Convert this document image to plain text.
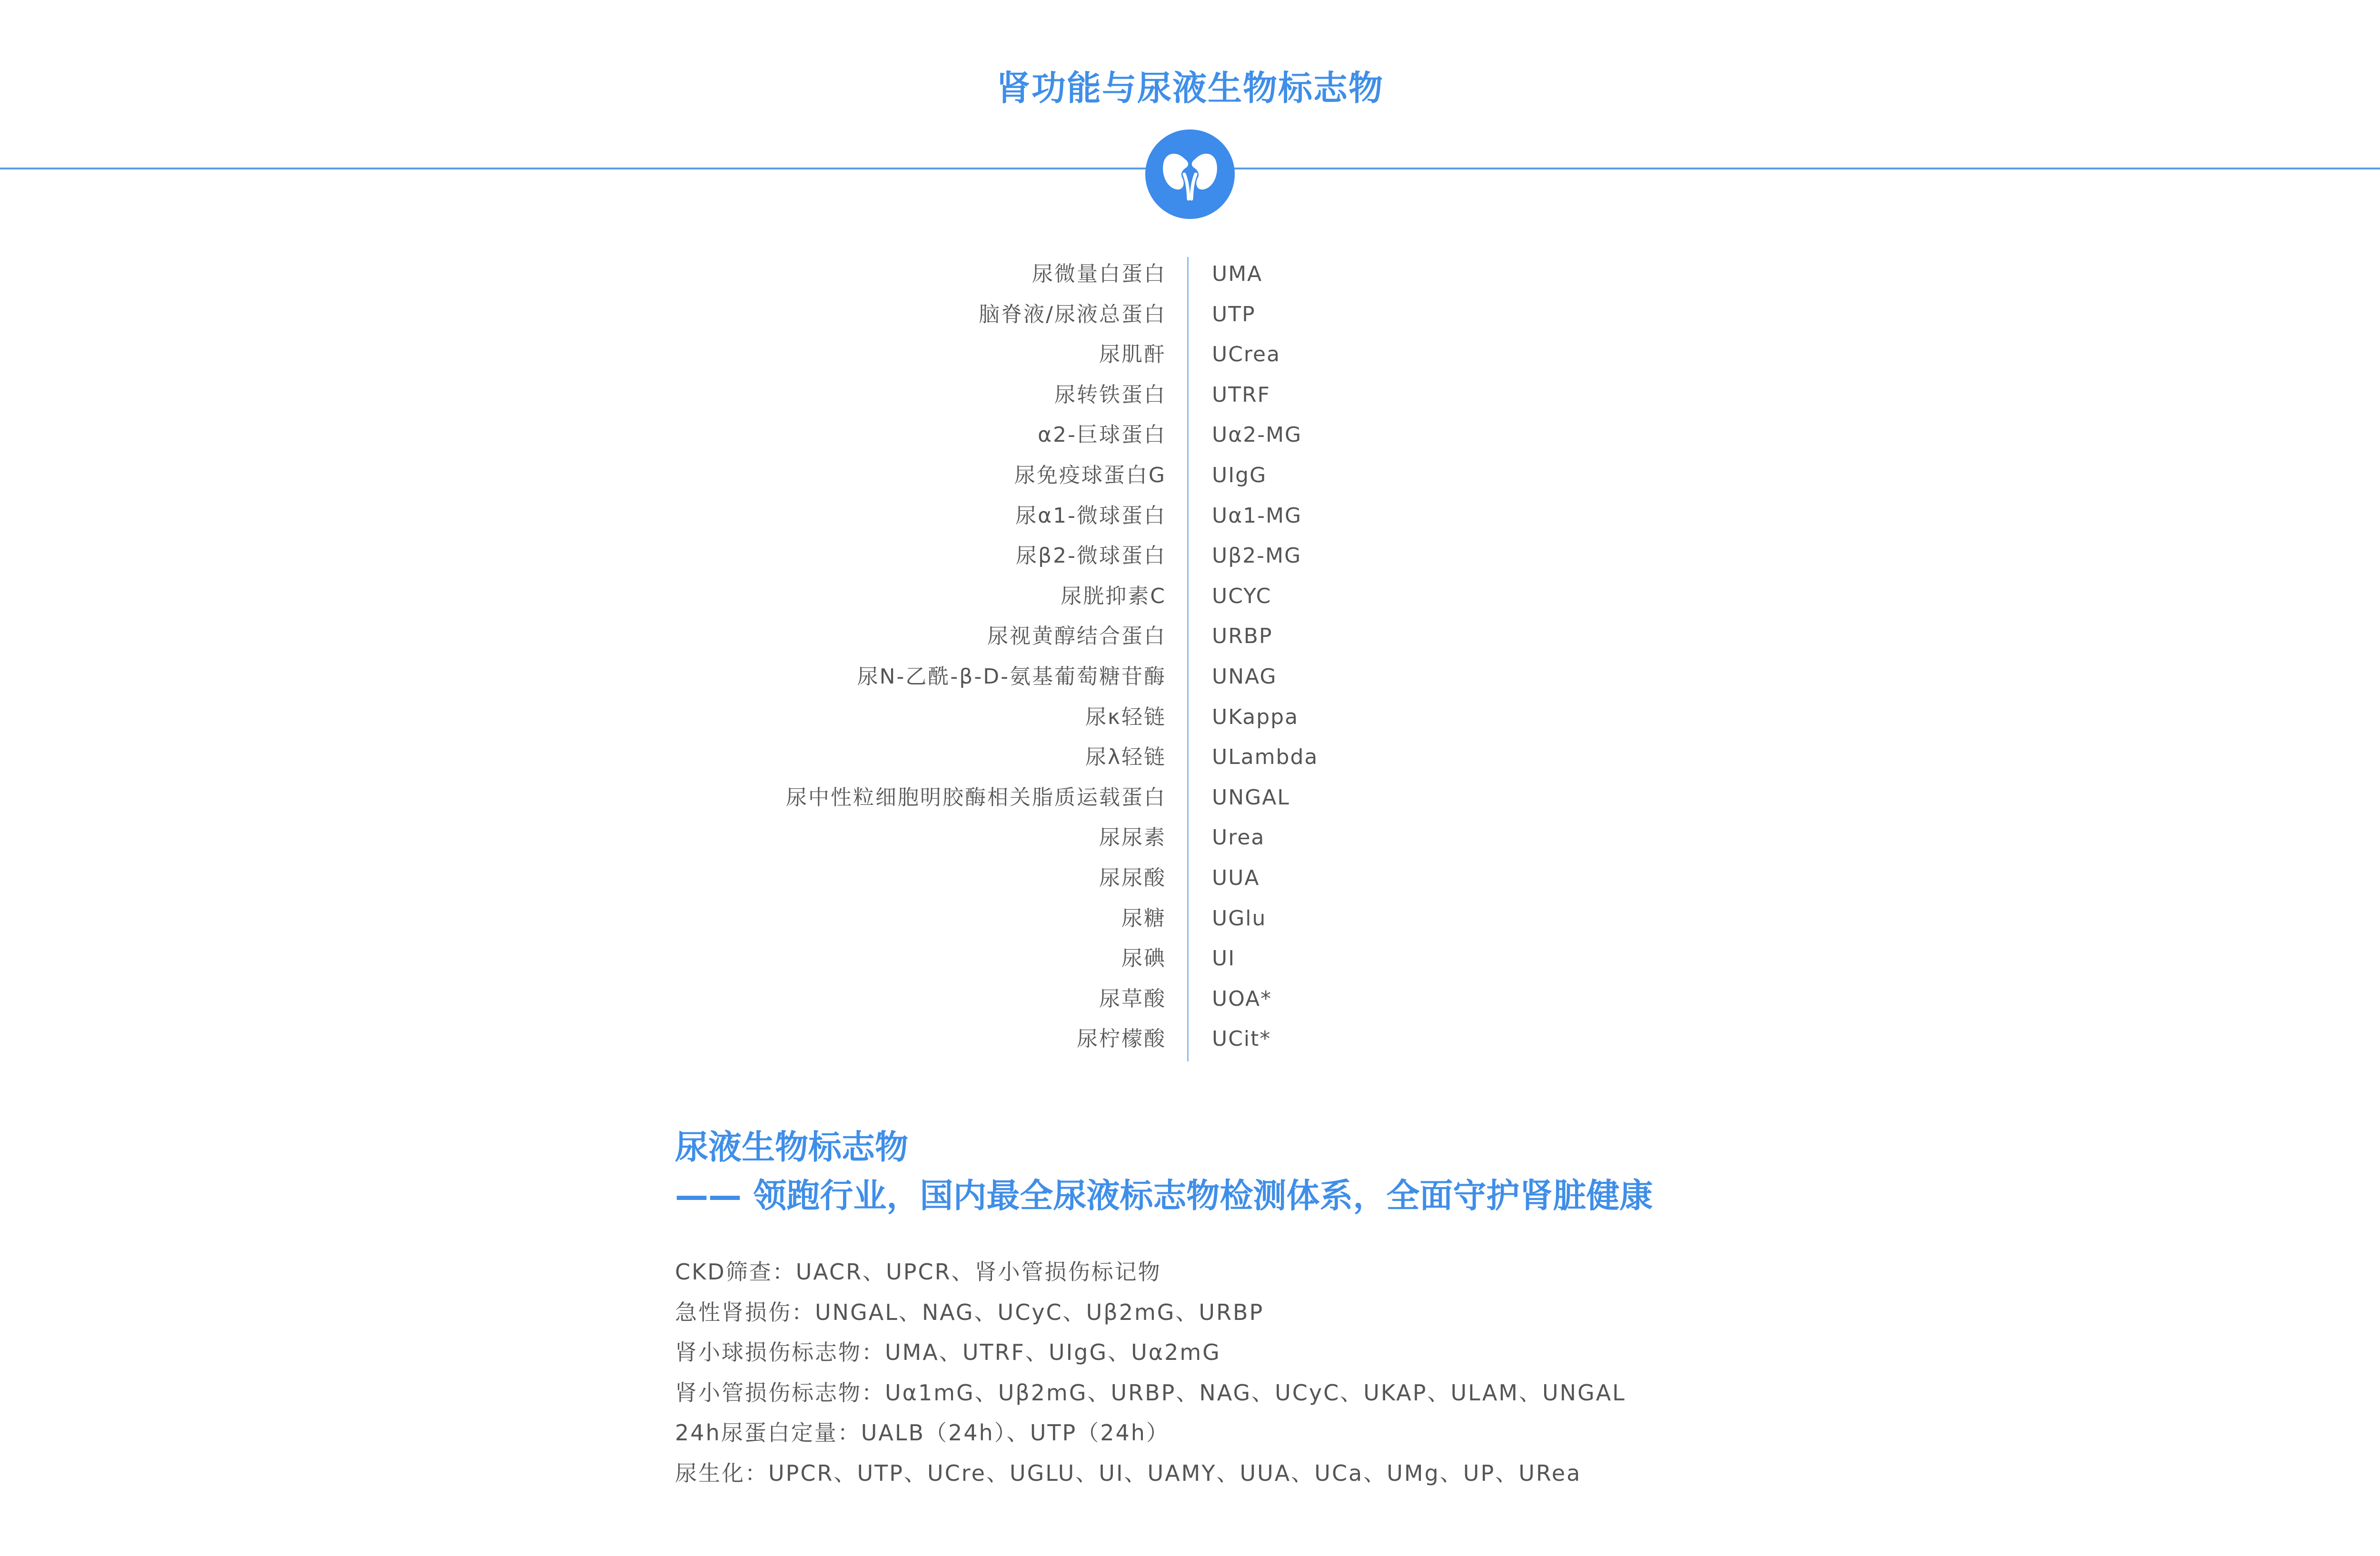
肾功能与尿液生物标志物
尿微量白蛋白 UMA
脑脊液/尿液总蛋白 UTP
尿肌酐 UCrea
尿转铁蛋白 UTRF
α2-巨球蛋白 Uα2-MG
尿免疫球蛋白G UIgG
尿α1-微球蛋白 Uα1-MG
尿β2-微球蛋白 Uβ2-MG
尿胱抑素C UCYC
尿视黄醇结合蛋白 URBP
尿N-乙酰-β-D-氨基葡萄糖苷酶 UNAG
尿κ轻链 UKappa
尿λ轻链 ULambda
尿中性粒细胞明胶酶相关脂质运载蛋白 UNGAL
尿尿素 Urea
尿尿酸 UUA
尿糖 UGlu
尿碘 UI
尿草酸 UOA*
尿柠檬酸 UCit*
尿液生物标志物
—— 领跑行业，国内最全尿液标志物检测体系，全面守护肾脏健康
CKD筛查：UACR、UPCR、肾小管损伤标记物
急性肾损伤：UNGAL、NAG、UCyC、Uβ2mG、URBP
肾小球损伤标志物：UMA、UTRF、UIgG、Uα2mG
肾小管损伤标志物：Uα1mG、Uβ2mG、URBP、NAG、UCyC、UKAP、ULAM、UNGAL
24h尿蛋白定量：UALB（24h）、UTP（24h）
尿生化：UPCR、UTP、UCre、UGLU、UI、UAMY、UUA、UCa、UMg、UP、URea
